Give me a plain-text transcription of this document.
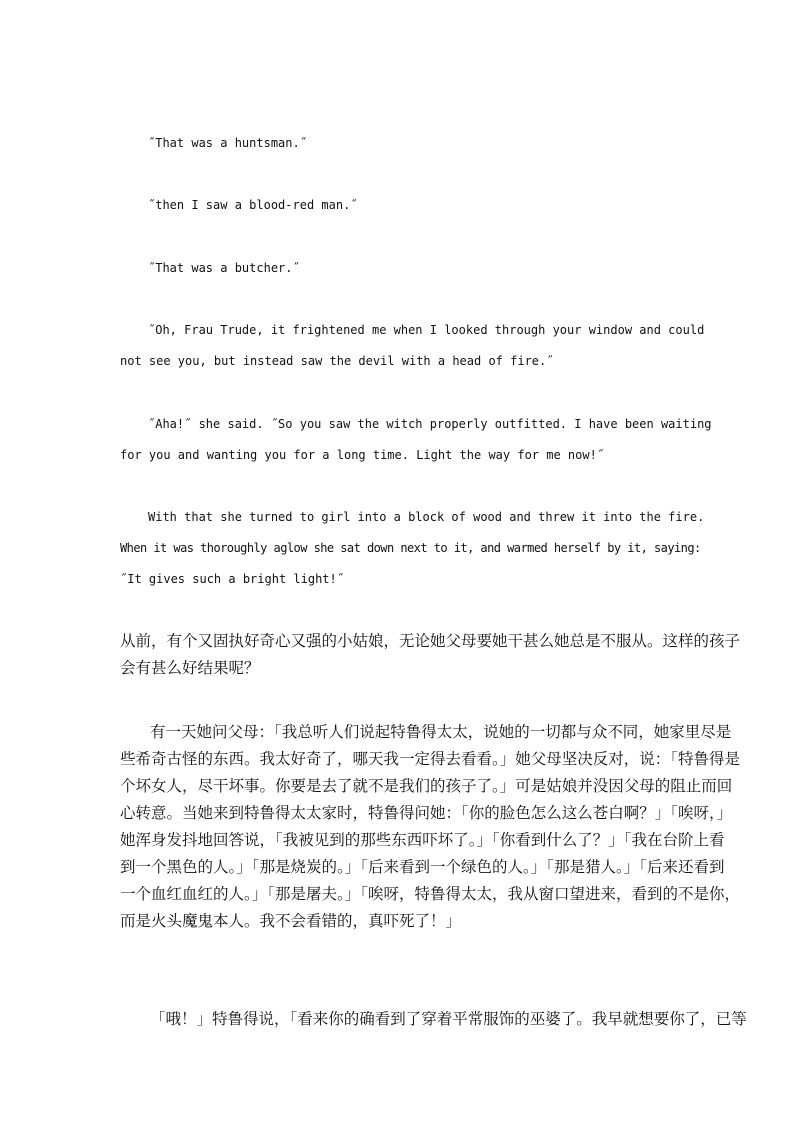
˝That was a huntsman.˝

˝then I saw a blood-red man.˝

˝That was a butcher.˝

˝Oh, Frau Trude, it frightened me when I looked through your window and could
not see you, but instead saw the devil with a head of fire.˝

˝Aha!˝ she said. ˝So you saw the witch properly outfitted. I have been waiting
for you and wanting you for a long time. Light the way for me now!˝

With that she turned to girl into a block of wood and threw it into the fire.
When it was thoroughly aglow she sat down next to it, and warmed herself by it, saying:
˝It gives such a bright light!˝

从前，有个又固执好奇心又强的小姑娘，无论她父母要她干甚么她总是不服从。这样的孩子
会有甚么好结果呢？

有一天她问父母：「我总听人们说起特鲁得太太，说她的一切都与众不同，她家里尽是
些希奇古怪的东西。我太好奇了，哪天我一定得去看看。」她父母坚决反对，说：「特鲁得是
个坏女人，尽干坏事。你要是去了就不是我们的孩子了。」可是姑娘并没因父母的阻止而回
心转意。当她来到特鲁得太太家时，特鲁得问她：「你的脸色怎么这么苍白啊？」「唉呀，」
她浑身发抖地回答说，「我被见到的那些东西吓坏了。」「你看到什么了？」「我在台阶上看
到一个黑色的人。」「那是烧炭的。」「后来看到一个绿色的人。」「那是猎人。」「后来还看到
一个血红血红的人。」「那是屠夫。」「唉呀，特鲁得太太，我从窗口望进来，看到的不是你，
而是火头魔鬼本人。我不会看错的，真吓死了！」

「哦！」特鲁得说，「看来你的确看到了穿着平常服饰的巫婆了。我早就想要你了，已等
